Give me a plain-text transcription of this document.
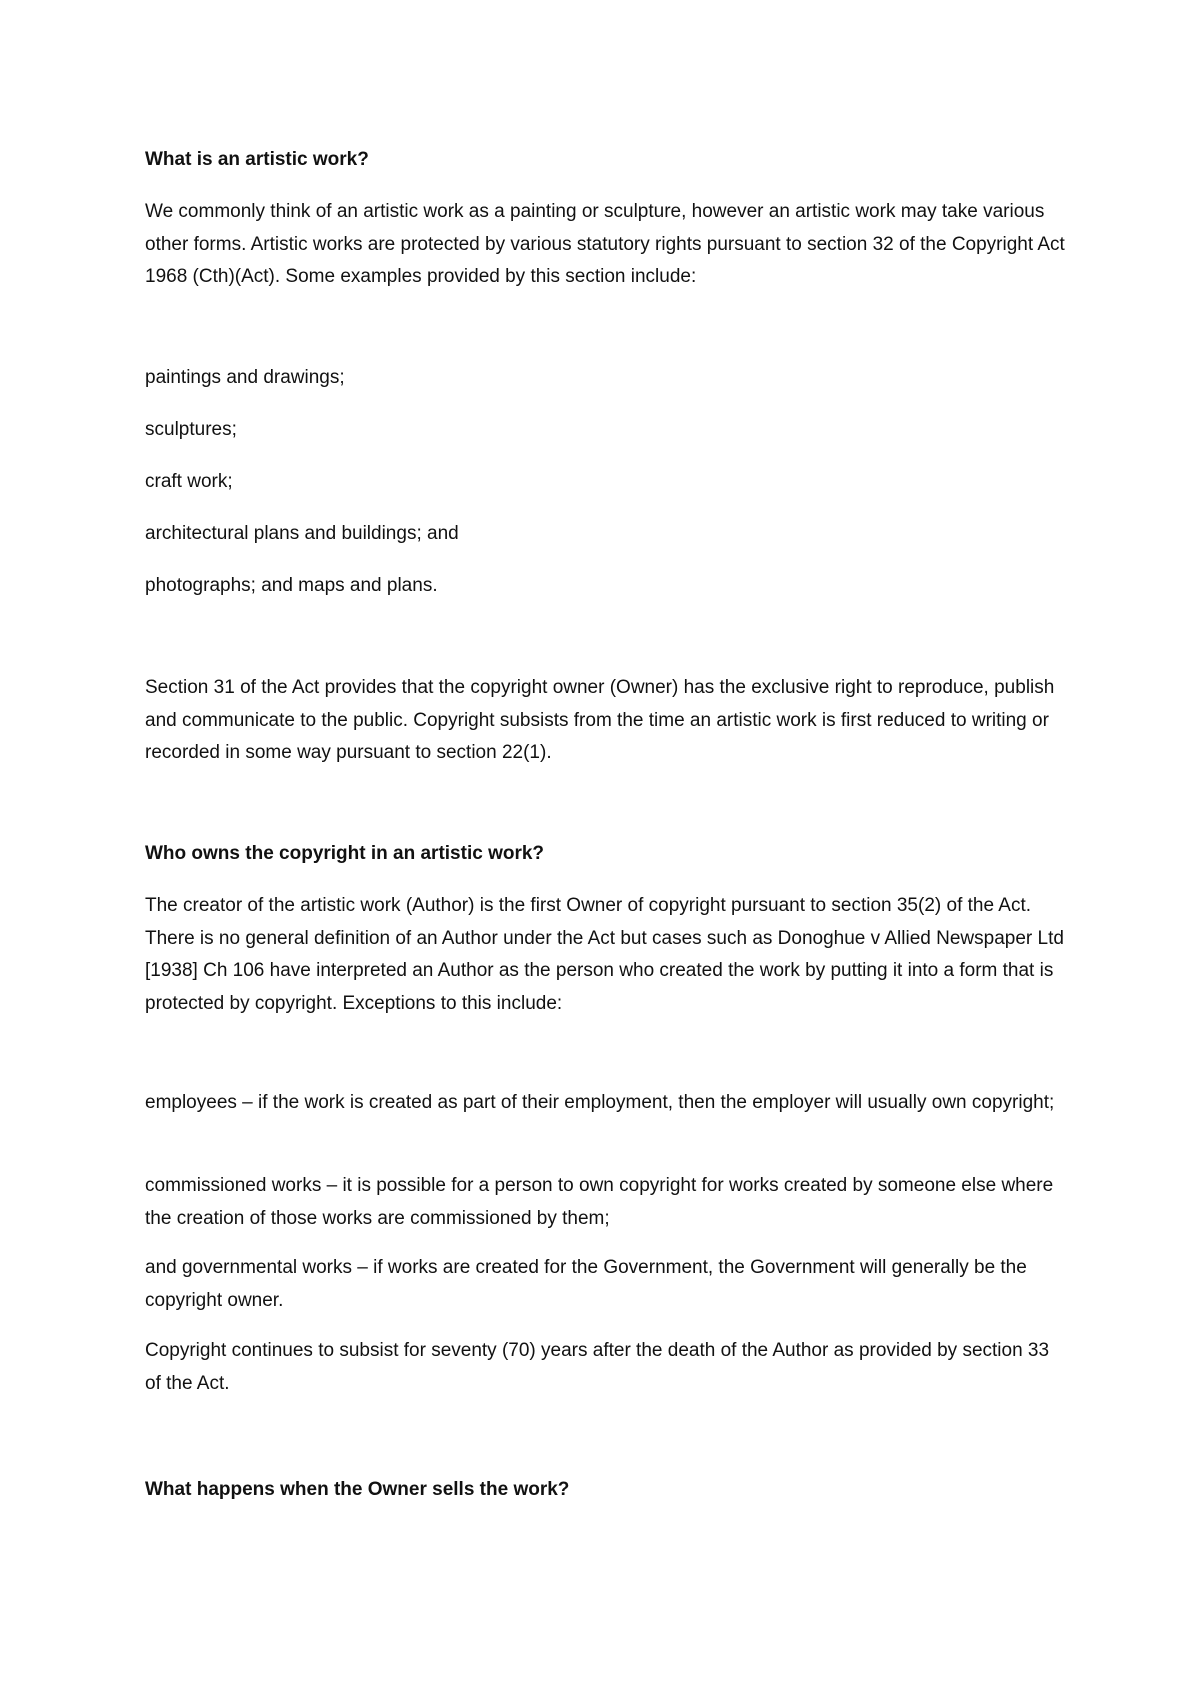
What is an artistic work?

We commonly think of an artistic work as a painting or sculpture, however an artistic work may take various other forms. Artistic works are protected by various statutory rights pursuant to section 32 of the Copyright Act 1968 (Cth)(Act). Some examples provided by this section include:

paintings and drawings;

sculptures;

craft work;

architectural plans and buildings; and

photographs; and maps and plans.

Section 31 of the Act provides that the copyright owner (Owner) has the exclusive right to reproduce, publish and communicate to the public. Copyright subsists from the time an artistic work is first reduced to writing or recorded in some way pursuant to section 22(1).

Who owns the copyright in an artistic work?

The creator of the artistic work (Author) is the first Owner of copyright pursuant to section 35(2) of the Act. There is no general definition of an Author under the Act but cases such as Donoghue v Allied Newspaper Ltd [1938] Ch 106 have interpreted an Author as the person who created the work by putting it into a form that is protected by copyright. Exceptions to this include:

employees – if the work is created as part of their employment, then the employer will usually own copyright;

commissioned works – it is possible for a person to own copyright for works created by someone else where the creation of those works are commissioned by them;

and governmental works – if works are created for the Government, the Government will generally be the copyright owner.

Copyright continues to subsist for seventy (70) years after the death of the Author as provided by section 33 of the Act.

What happens when the Owner sells the work?
